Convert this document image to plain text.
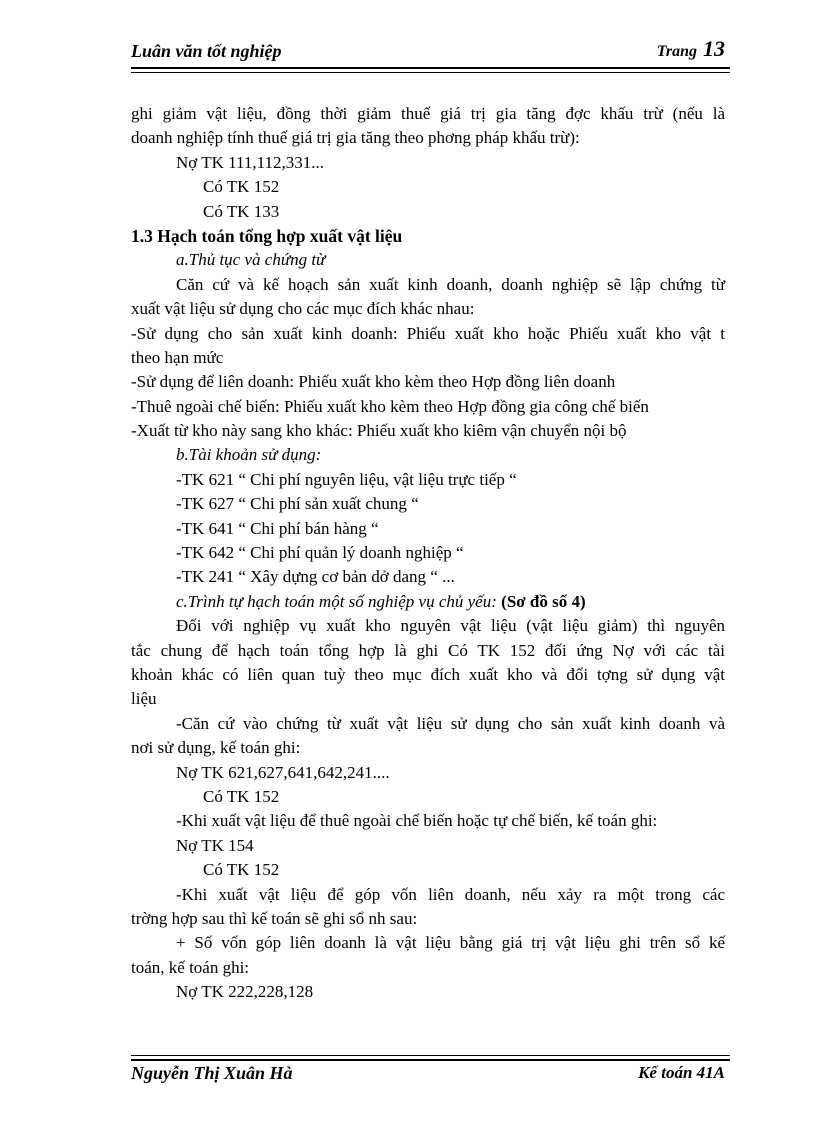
Luân văn tốt nghiệp	Trang 13
ghi giảm vật liệu, đồng thời giảm thuế giá trị gia tăng đợc khấu trừ (nếu là
doanh nghiệp tính thuế giá trị gia tăng theo phơng pháp khấu trừ):
Nợ TK 111,112,331...
Có TK 152
Có TK 133
1.3 Hạch toán tổng hợp xuất vật liệu
a.Thủ tục và chứng từ
Căn cứ và kế hoạch sản xuất kinh doanh, doanh nghiệp sẽ lập chứng từ
xuất vật liệu sử dụng cho các mục đích khác nhau:
-Sử dụng cho sản xuất kinh doanh: Phiếu xuất kho hoặc Phiếu xuất kho vật t
theo hạn mức
-Sử dụng để liên doanh: Phiếu xuất kho kèm theo Hợp đồng liên doanh
-Thuê ngoài chế biến: Phiếu xuất kho kèm theo Hợp đồng gia công chế biến
-Xuất từ kho này sang kho khác: Phiếu xuất kho kiêm vận chuyển nội bộ
b.Tài khoản sử dụng:
-TK 621 “ Chi phí nguyên liệu, vật liệu trực tiếp “
-TK 627 “ Chi phí sản xuất chung “
-TK 641 “ Chi phí bán hàng “
-TK 642 “ Chi phí quản lý doanh nghiệp “
-TK 241 “ Xây dựng cơ bản dở dang “ ...
c.Trình tự hạch toán một số nghiệp vụ chủ yếu: (Sơ đồ số 4)
Đối với nghiệp vụ xuất kho nguyên vật liệu (vật liệu giảm) thì nguyên
tắc chung để hạch toán tổng hợp là ghi Có TK 152 đối ứng Nợ với các tài
khoản khác có liên quan tuỳ theo mục đích xuất kho và đối tợng sử dụng vật
liệu
-Căn cứ vào chứng từ xuất vật liệu sử dụng cho sản xuất kinh doanh và
nơi sử dụng, kế toán ghi:
Nợ TK 621,627,641,642,241....
Có TK 152
-Khi xuất vật liệu để thuê ngoài chế biến hoặc tự chế biến, kế toán ghi:
Nợ TK 154
Có TK 152
-Khi xuất vật liệu để góp vốn liên doanh, nếu xảy ra một trong các
trờng hợp sau thì kế toán sẽ ghi sổ nh sau:
+ Số vốn góp liên doanh là vật liệu bằng giá trị vật liệu ghi trên sổ kế
toán, kế toán ghi:
Nợ TK 222,228,128
Nguyễn Thị Xuân Hà	Kế toán 41A
